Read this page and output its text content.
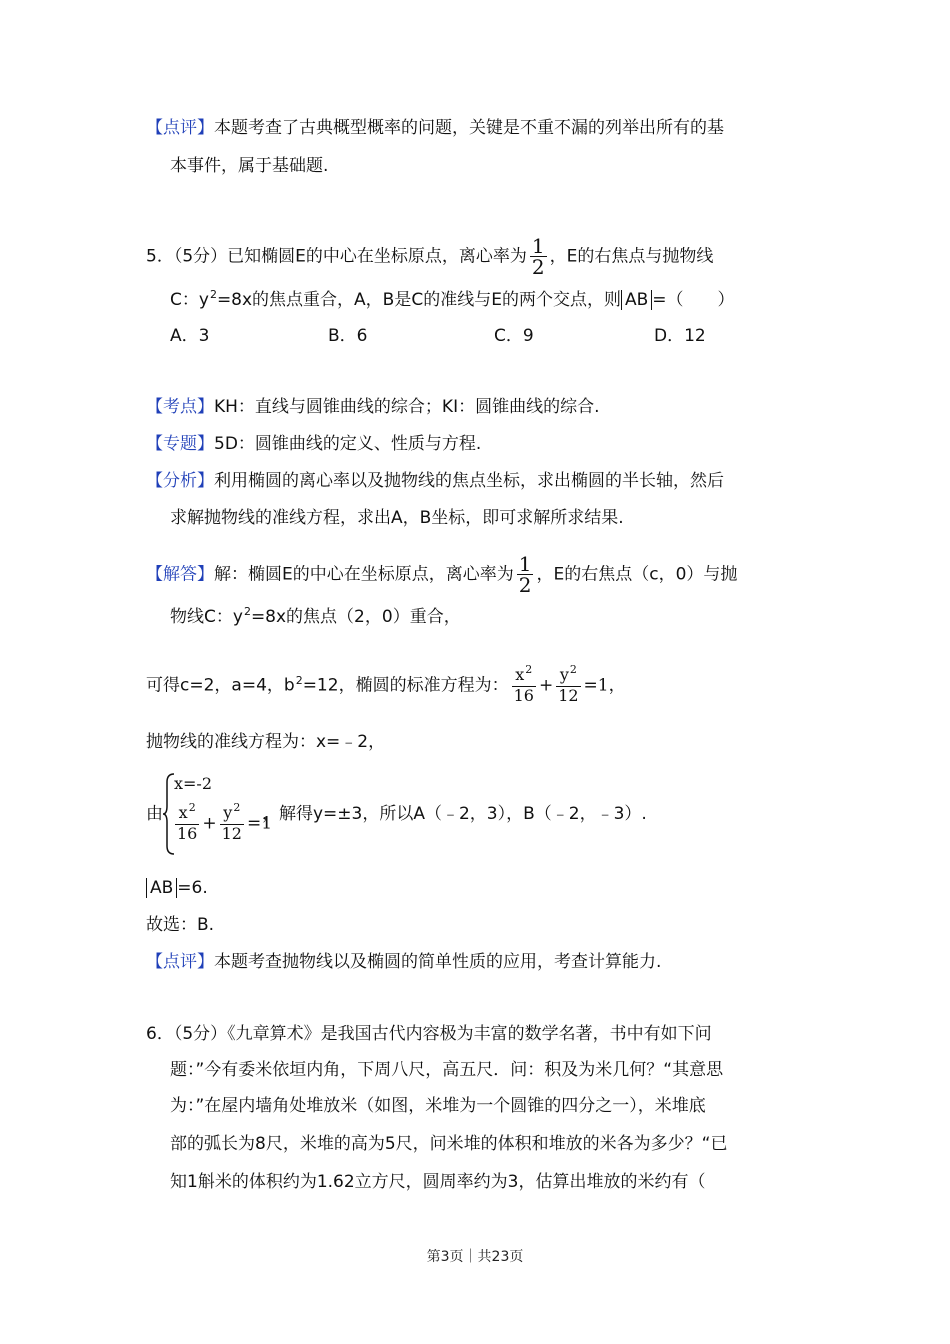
【点评】本题考查了古典概型概率的问题，关键是不重不漏的列举出所有的基
本事件，属于基础题.
5．（5分）已知椭圆E的中心在坐标原点，离心率为 $\frac{1}{2}$ ，E的右焦点与抛物线
C：$y^2=8x$的焦点重合，A，B是C的准线与E的两个交点，则 AB =（　　）
A．3	B．6	C．9	D．12
【考点】KH：直线与圆锥曲线的综合；KI：圆锥曲线的综合.
【专题】5D：圆锥曲线的定义、性质与方程.
【分析】利用椭圆的离心率以及抛物线的焦点坐标，求出椭圆的半长轴，然后
求解抛物线的准线方程，求出A，B坐标，即可求解所求结果.
【解答】解：椭圆E的中心在坐标原点，离心率为 $\frac{1}{2}$ ，E的右焦点（c，0）与抛
物线C：$y^2=8x$的焦点（2，0）重合，
可得c=2，a=4，$b^2=12$，椭圆的标准方程为： $\frac{x^2}{16} + \frac{y^2}{12} =1$，
抛物线的准线方程为：x=﹣2，
由
x=-2
$\frac{x^2}{16} + \frac{y^2}{12} =1$
，解得y=±3，所以A（﹣2，3），B（﹣2，﹣3）.
AB =6.
故选：B.
【点评】本题考查抛物线以及椭圆的简单性质的应用，考查计算能力.
6．（5分）《九章算术》是我国古代内容极为丰富的数学名著，书中有如下问
题：”今有委米依垣内角，下周八尺，高五尺．问：积及为米几何？“其意思
为：”在屋内墙角处堆放米（如图，米堆为一个圆锥的四分之一），米堆底
部的弧长为8尺，米堆的高为5尺，问米堆的体积和堆放的米各为多少？“已
知1斛米的体积约为1.62立方尺，圆周率约为3，估算出堆放的米约有（
第3页｜共23页
